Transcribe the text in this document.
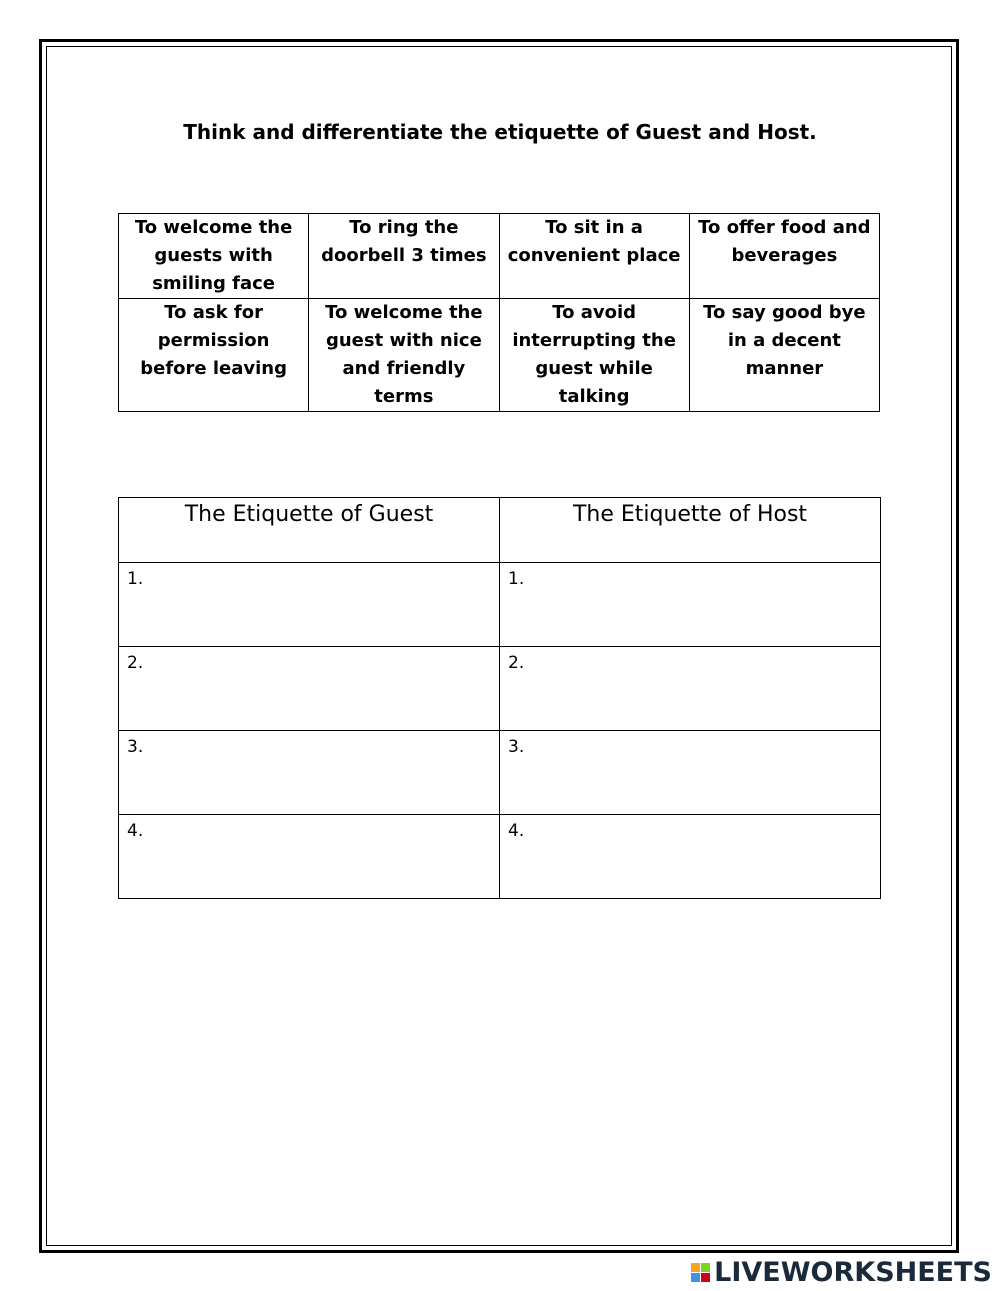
Think and differentiate the etiquette of Guest and Host.
To welcome the guests with smiling face	To ring the doorbell 3 times	To sit in a convenient place	To offer food and beverages
To ask for permission before leaving	To welcome the guest with nice and friendly terms	To avoid interrupting the guest while talking	To say good bye in a decent manner
The Etiquette of Guest	The Etiquette of Host
1.	1.
2.	2.
3.	3.
4.	4.
LIVEWORKSHEETS
